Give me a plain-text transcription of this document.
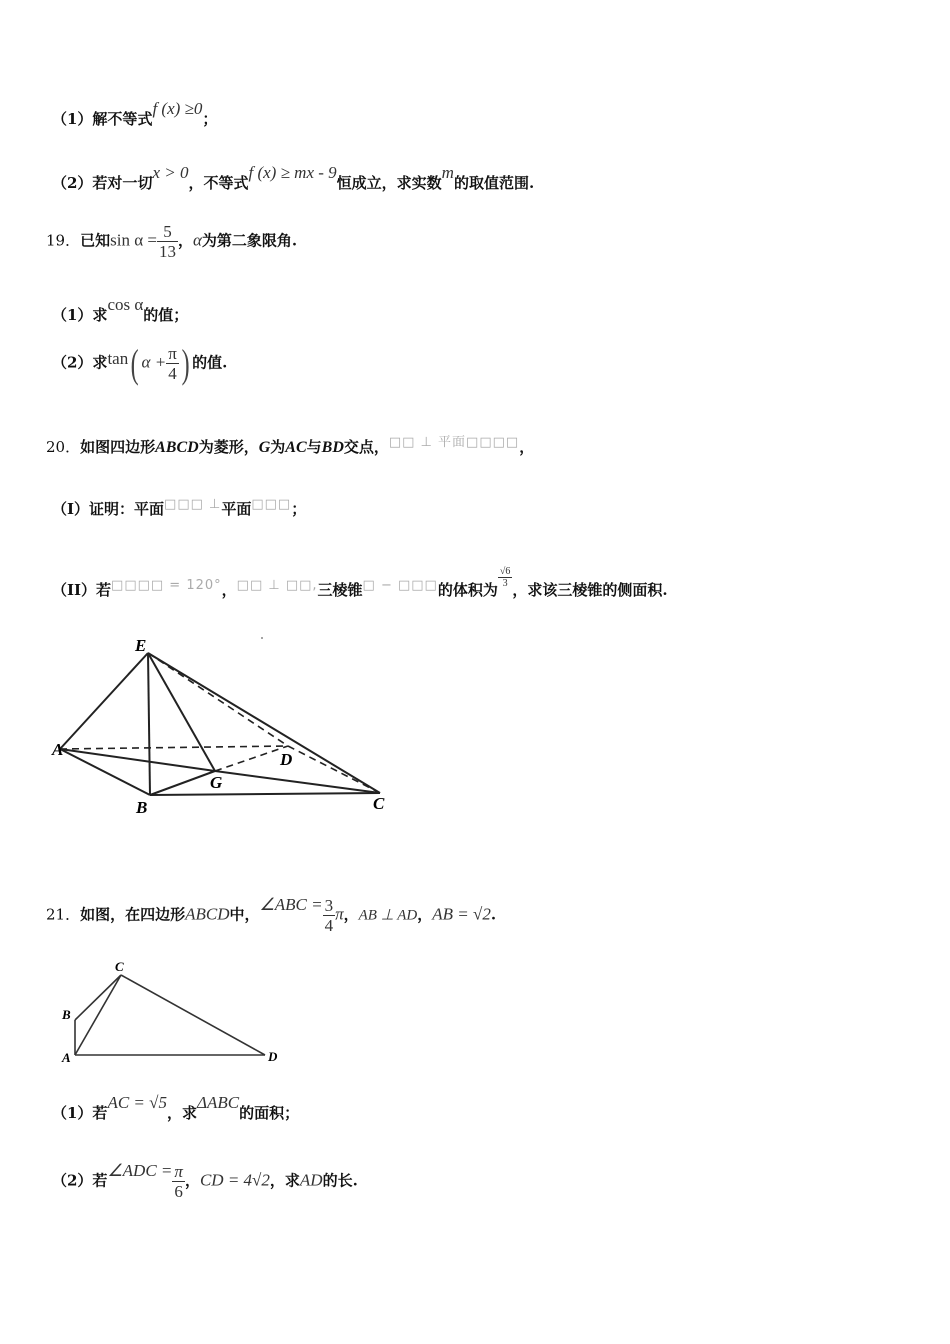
（1）解不等式f (x) ≥0；
（2）若对一切x > 0，不等式f (x) ≥ mx - 9恒成立，求实数m的取值范围.
19．已知$\sin \alpha = \frac{5}{13}$ ，α为第二象限角.
（1）求cos α的值；
（2）求tan( $\alpha + \frac{\pi}{4}$ ) 的值.
20．如图四边形ABCD为菱形，G为AC与BD交点，□□ ⊥ 平面□□□□，
（I）证明：平面□□□ ⊥平面□□□；
（II）若□□□□ = 120°，□□ ⊥ □□,三棱锥□ − □□□的体积为
$\frac{√6}{3}$
，求该三棱锥的侧面积.
E
A
D
G
B	C
21．如图，在四边形ABCD中，∠ABC = $\frac{3}{4}$ π，AB ⊥ AD，AB = √2.
C
B
A	D
（1）若AC = √5，求ΔABC的面积；
（2）若∠ADC = $\frac{\pi}{6}$ ，CD = 4√2，求AD的长.
